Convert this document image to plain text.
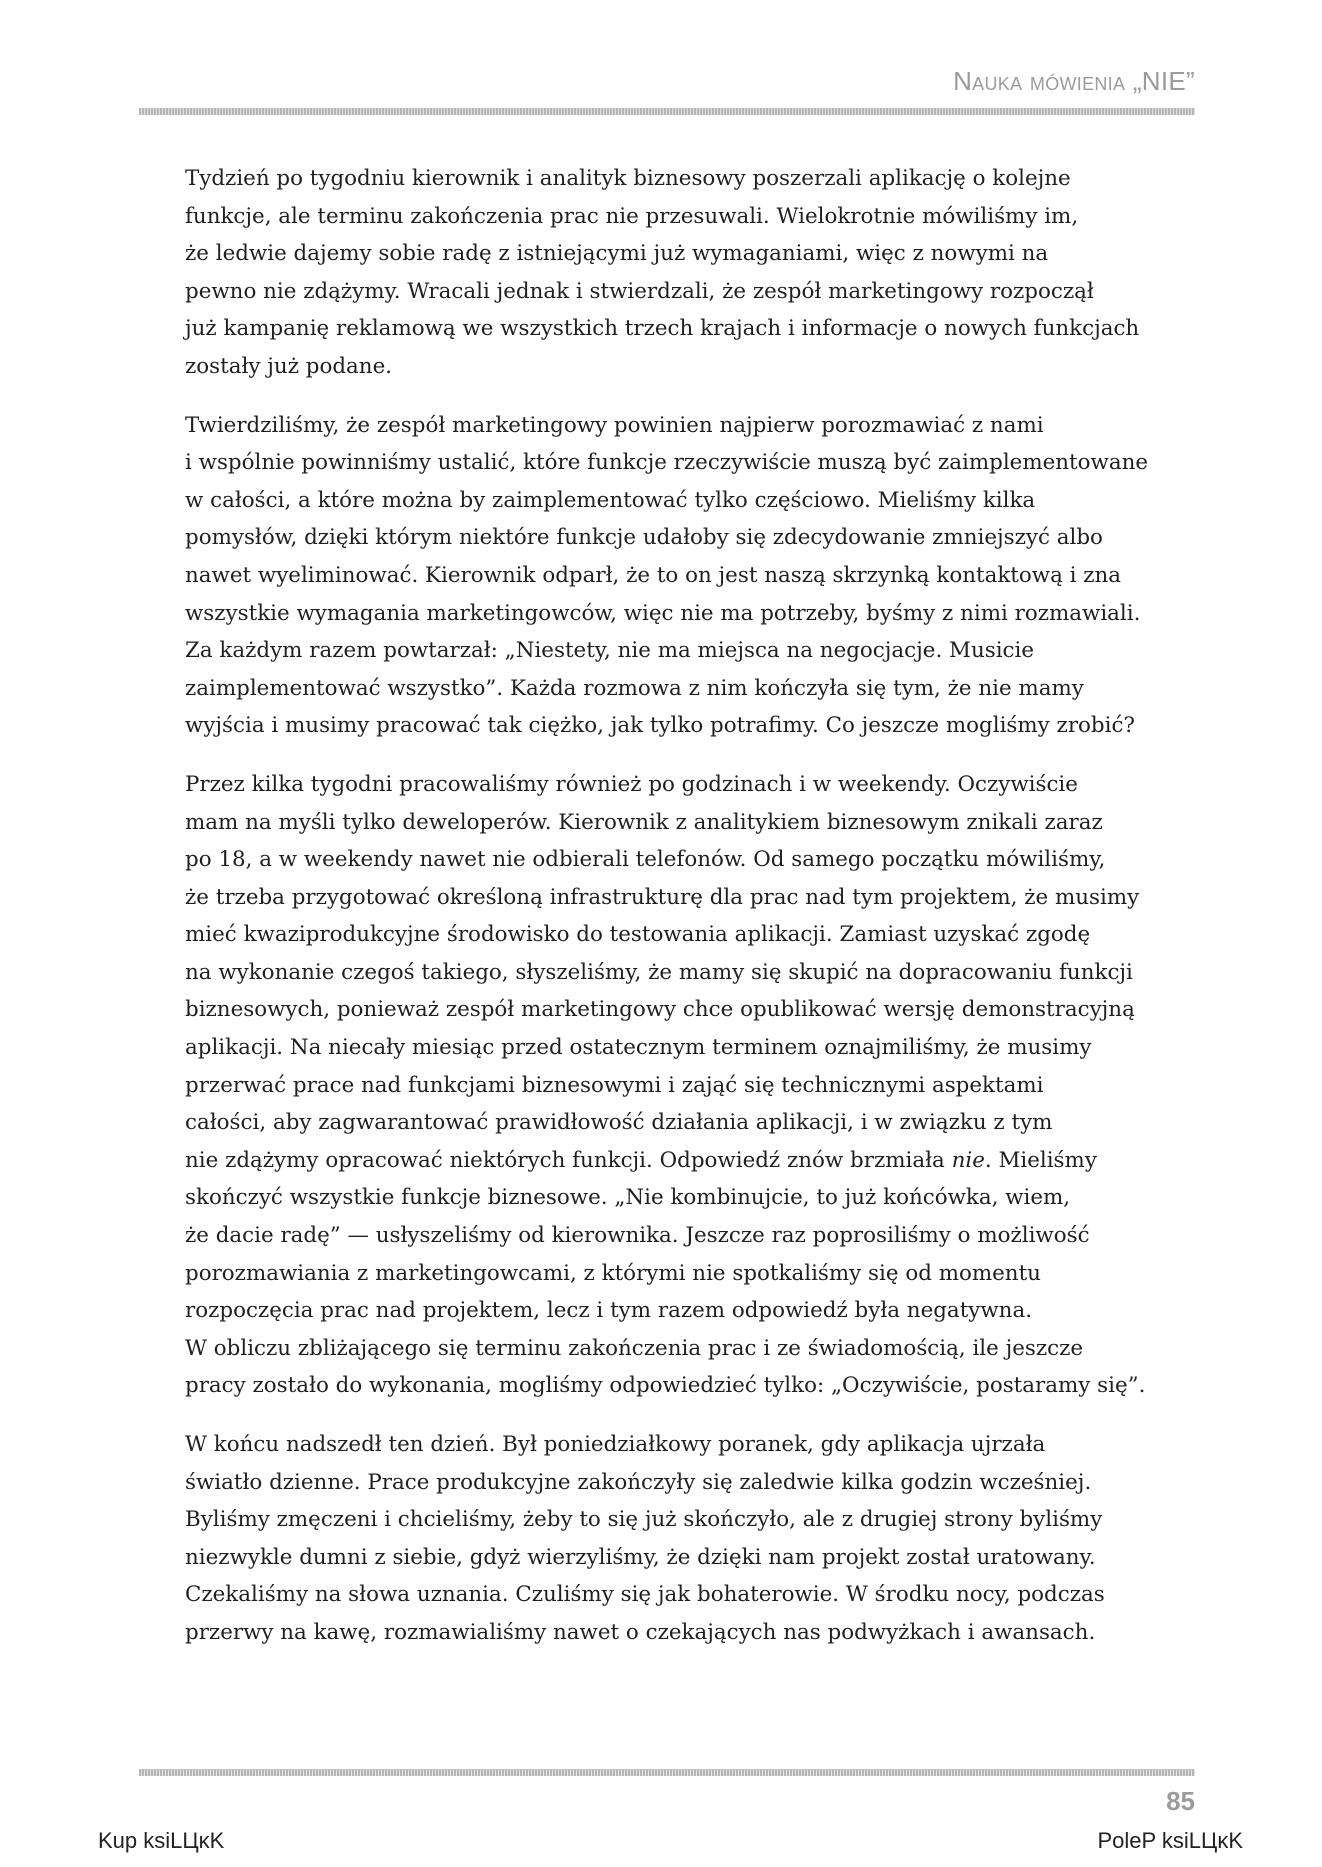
Nauka mówienia „NIE”

Tydzień po tygodniu kierownik i analityk biznesowy poszerzali aplikację o kolejne
funkcje, ale terminu zakończenia prac nie przesuwali. Wielokrotnie mówiliśmy im,
że ledwie dajemy sobie radę z istniejącymi już wymaganiami, więc z nowymi na
pewno nie zdążymy. Wracali jednak i stwierdzali, że zespół marketingowy rozpoczął
już kampanię reklamową we wszystkich trzech krajach i informacje o nowych funkcjach
zostały już podane.

Twierdziliśmy, że zespół marketingowy powinien najpierw porozmawiać z nami
i wspólnie powinniśmy ustalić, które funkcje rzeczywiście muszą być zaimplementowane
w całości, a które można by zaimplementować tylko częściowo. Mieliśmy kilka
pomysłów, dzięki którym niektóre funkcje udałoby się zdecydowanie zmniejszyć albo
nawet wyeliminować. Kierownik odparł, że to on jest naszą skrzynką kontaktową i zna
wszystkie wymagania marketingowców, więc nie ma potrzeby, byśmy z nimi rozmawiali.
Za każdym razem powtarzał: „Niestety, nie ma miejsca na negocjacje. Musicie
zaimplementować wszystko”. Każda rozmowa z nim kończyła się tym, że nie mamy
wyjścia i musimy pracować tak ciężko, jak tylko potrafimy. Co jeszcze mogliśmy zrobić?

Przez kilka tygodni pracowaliśmy również po godzinach i w weekendy. Oczywiście
mam na myśli tylko deweloperów. Kierownik z analitykiem biznesowym znikali zaraz
po 18, a w weekendy nawet nie odbierali telefonów. Od samego początku mówiliśmy,
że trzeba przygotować określoną infrastrukturę dla prac nad tym projektem, że musimy
mieć kwaziprodukcyjne środowisko do testowania aplikacji. Zamiast uzyskać zgodę
na wykonanie czegoś takiego, słyszeliśmy, że mamy się skupić na dopracowaniu funkcji
biznesowych, ponieważ zespół marketingowy chce opublikować wersję demonstracyjną
aplikacji. Na niecały miesiąc przed ostatecznym terminem oznajmiliśmy, że musimy
przerwać prace nad funkcjami biznesowymi i zająć się technicznymi aspektami
całości, aby zagwarantować prawidłowość działania aplikacji, i w związku z tym
nie zdążymy opracować niektórych funkcji. Odpowiedź znów brzmiała nie. Mieliśmy
skończyć wszystkie funkcje biznesowe. „Nie kombinujcie, to już końcówka, wiem,
że dacie radę” — usłyszeliśmy od kierownika. Jeszcze raz poprosiliśmy o możliwość
porozmawiania z marketingowcami, z którymi nie spotkaliśmy się od momentu
rozpoczęcia prac nad projektem, lecz i tym razem odpowiedź była negatywna.
W obliczu zbliżającego się terminu zakończenia prac i ze świadomością, ile jeszcze
pracy zostało do wykonania, mogliśmy odpowiedzieć tylko: „Oczywiście, postaramy się”.

W końcu nadszedł ten dzień. Był poniedziałkowy poranek, gdy aplikacja ujrzała
światło dzienne. Prace produkcyjne zakończyły się zaledwie kilka godzin wcześniej.
Byliśmy zmęczeni i chcieliśmy, żeby to się już skończyło, ale z drugiej strony byliśmy
niezwykle dumni z siebie, gdyż wierzyliśmy, że dzięki nam projekt został uratowany.
Czekaliśmy na słowa uznania. Czuliśmy się jak bohaterowie. W środku nocy, podczas
przerwy na kawę, rozmawialiśmy nawet o czekających nas podwyżkach i awansach.

85
Kup ksiLЦĸK	PoleP ksiLЦĸK
